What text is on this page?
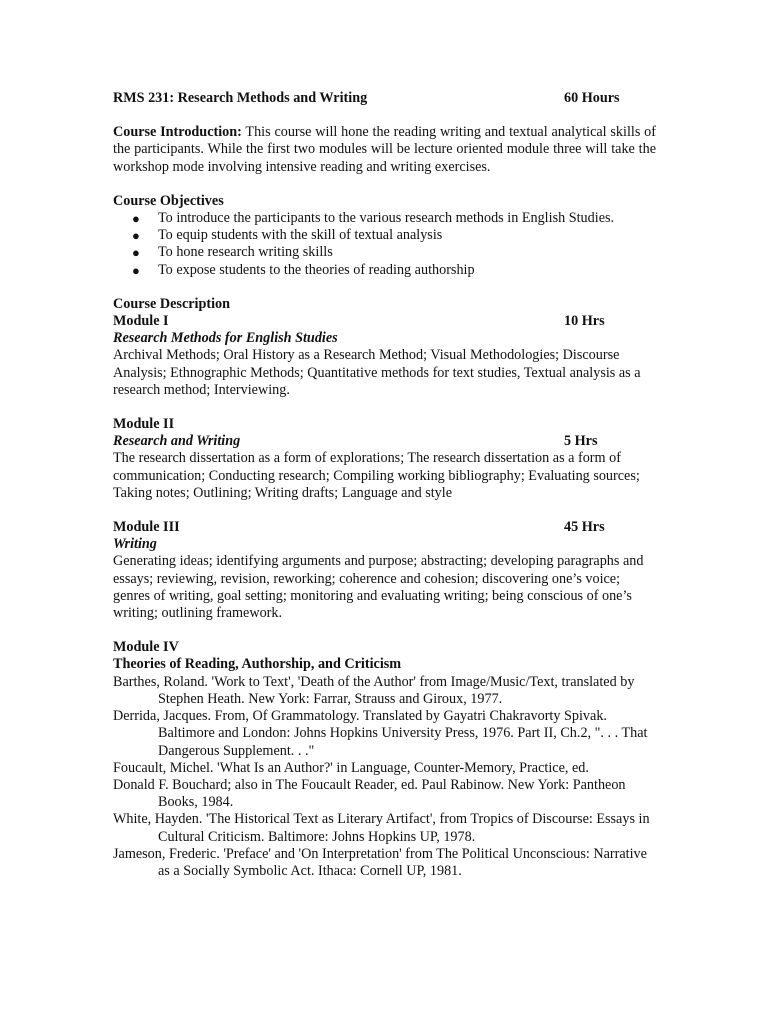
RMS 231: Research Methods and Writing	60 Hours

Course Introduction: This course will hone the reading writing and textual analytical skills of the participants. While the first two modules will be lecture oriented module three will take the workshop mode involving intensive reading and writing exercises.

Course Objectives
● To introduce the participants to the various research methods in English Studies.
● To equip students with the skill of textual analysis
● To hone research writing skills
● To expose students to the theories of reading authorship
Course Description
Module I	10 Hrs
Research Methods for English Studies

Archival Methods; Oral History as a Research Method; Visual Methodologies; Discourse Analysis; Ethnographic Methods; Quantitative methods for text studies, Textual analysis as a research method; Interviewing.

Module II
Research and Writing	5 Hrs

The research dissertation as a form of explorations; The research dissertation as a form of communication; Conducting research; Compiling working bibliography; Evaluating sources; Taking notes; Outlining; Writing drafts; Language and style

Module III	45 Hrs
Writing

Generating ideas; identifying arguments and purpose; abstracting; developing paragraphs and essays; reviewing, revision, reworking; coherence and cohesion; discovering one’s voice; genres of writing, goal setting; monitoring and evaluating writing; being conscious of one’s writing; outlining framework.

Module IV
Theories of Reading, Authorship, and Criticism

Barthes, Roland. 'Work to Text', 'Death of the Author' from Image/Music/Text, translated by Stephen Heath. New York: Farrar, Strauss and Giroux, 1977.

Derrida, Jacques. From, Of Grammatology. Translated by Gayatri Chakravorty Spivak. Baltimore and London: Johns Hopkins University Press, 1976. Part II, Ch.2, ". . . That Dangerous Supplement. . ."

Foucault, Michel. 'What Is an Author?' in Language, Counter-Memory, Practice, ed.

Donald F. Bouchard; also in The Foucault Reader, ed. Paul Rabinow. New York: Pantheon Books, 1984.

White, Hayden. 'The Historical Text as Literary Artifact', from Tropics of Discourse: Essays in Cultural Criticism. Baltimore: Johns Hopkins UP, 1978.

Jameson, Frederic. 'Preface' and 'On Interpretation' from The Political Unconscious: Narrative as a Socially Symbolic Act. Ithaca: Cornell UP, 1981.
